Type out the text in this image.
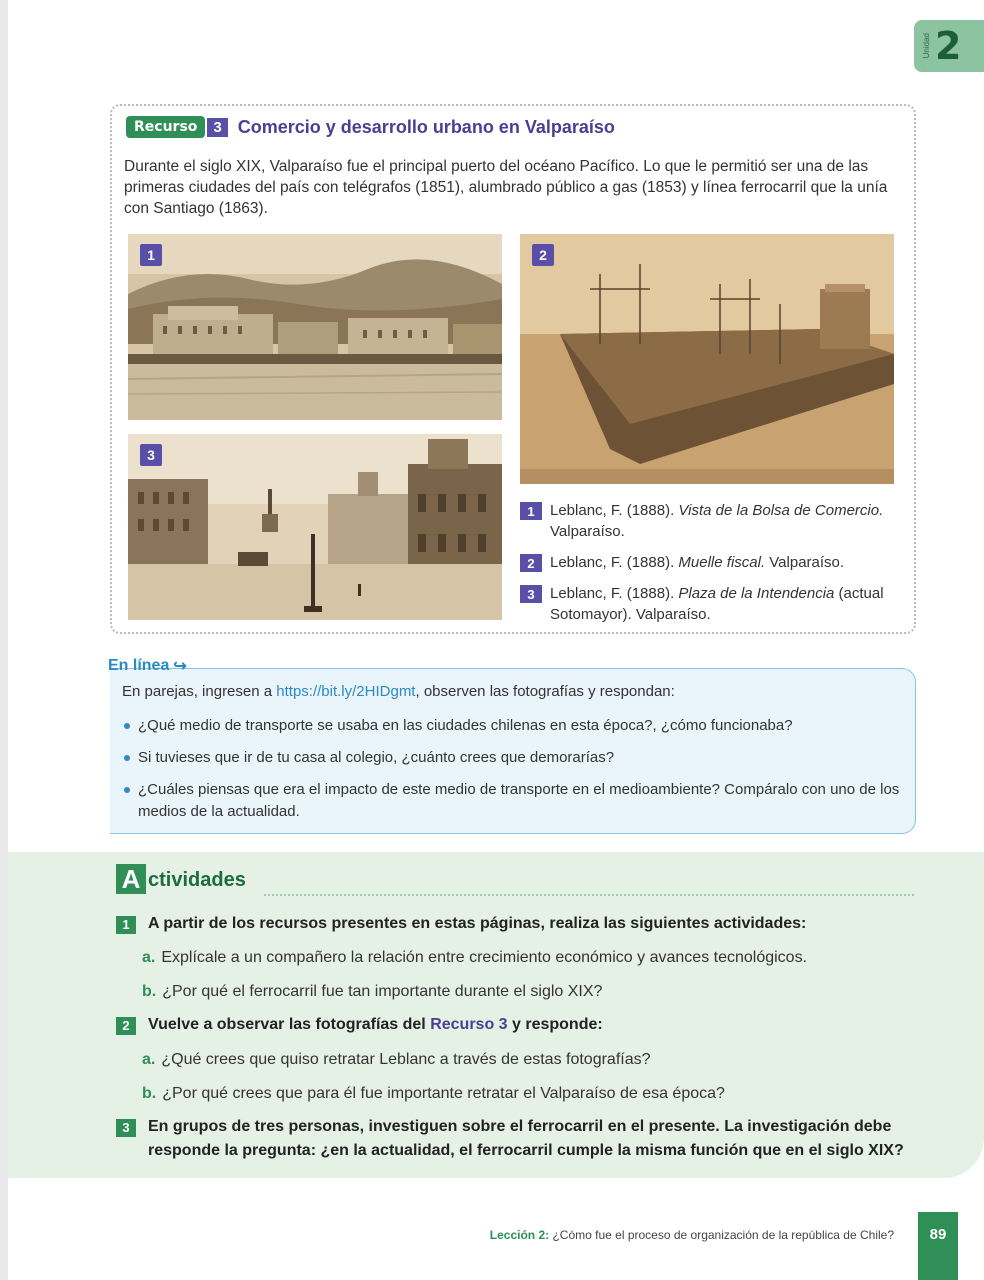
Unidad 2
Recurso	3 Comercio y desarrollo urbano en Valparaíso

Durante el siglo XIX, Valparaíso fue el principal puerto del océano Pacífico. Lo que le permitió ser una de las primeras ciudades del país con telégrafos (1851), alumbrado público a gas (1853) y línea ferrocarril que la unía con Santiago (1863).

1	2
3
1	Leblanc, F. (1888). Vista de la Bolsa de Comercio. Valparaíso.
2	Leblanc, F. (1888). Muelle fiscal. Valparaíso.
3	Leblanc, F. (1888). Plaza de la Intendencia (actual Sotomayor). Valparaíso.

En parejas, ingresen a https://bit.ly/2HIDgmt, observen las fotografías y respondan:

¿Qué medio de transporte se usaba en las ciudades chilenas en esta época?, ¿cómo funcionaba?

Si tuvieses que ir de tu casa al colegio, ¿cuánto crees que demorarías?

¿Cuáles piensas que era el impacto de este medio de transporte en el medioambiente? Compáralo con uno de los medios de la actualidad.

En línea ↪
A ctividades
1	A partir de los recursos presentes en estas páginas, realiza las siguientes actividades:

a. Explícale a un compañero la relación entre crecimiento económico y avances tecnológicos.

b. ¿Por qué el ferrocarril fue tan importante durante el siglo XIX?

2	Vuelve a observar las fotografías del Recurso 3 y responde:

a. ¿Qué crees que quiso retratar Leblanc a través de estas fotografías?

b. ¿Por qué crees que para él fue importante retratar el Valparaíso de esa época?

3	En grupos de tres personas, investiguen sobre el ferrocarril en el presente. La investigación debe responde la pregunta: ¿en la actualidad, el ferrocarril cumple la misma función que en el siglo XIX?
Lección 2: ¿Cómo fue el proceso de organización de la república de Chile?	89
